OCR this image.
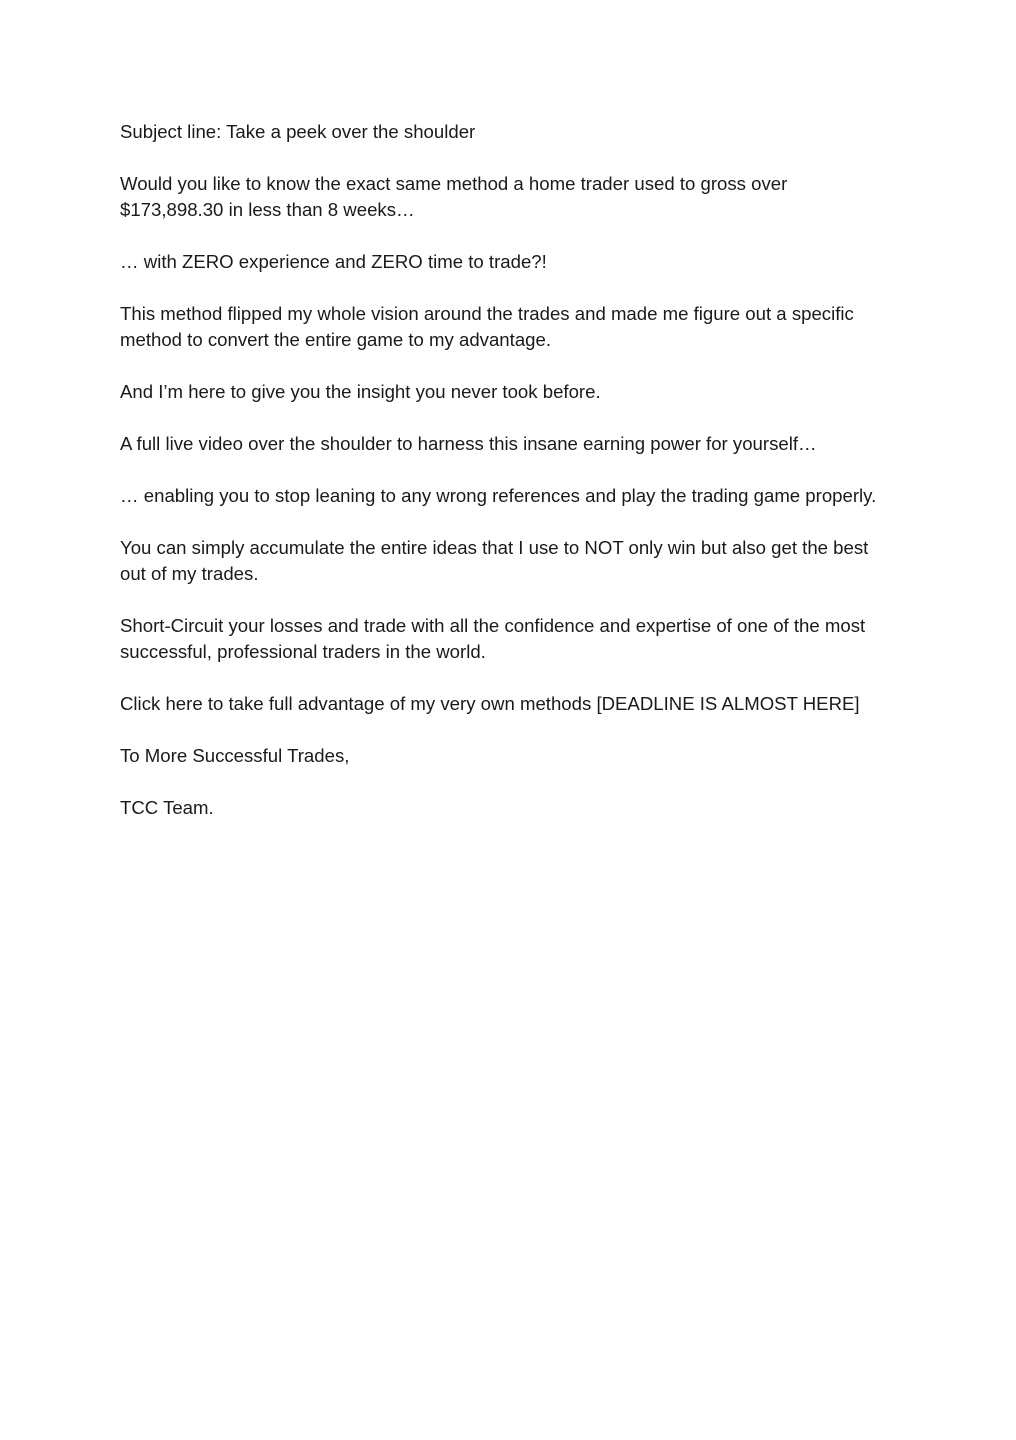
Subject line: Take a peek over the shoulder

Would you like to know the exact same method a home trader used to gross over
$173,898.30 in less than 8 weeks…

… with ZERO experience and ZERO time to trade?!

This method flipped my whole vision around the trades and made me figure out a specific
method to convert the entire game to my advantage.

And I’m here to give you the insight you never took before.

A full live video over the shoulder to harness this insane earning power for yourself…

… enabling you to stop leaning to any wrong references and play the trading game properly.

You can simply accumulate the entire ideas that I use to NOT only win but also get the best
out of my trades.

Short-Circuit your losses and trade with all the confidence and expertise of one of the most
successful, professional traders in the world.

Click here to take full advantage of my very own methods [DEADLINE IS ALMOST HERE]

To More Successful Trades,

TCC Team.
